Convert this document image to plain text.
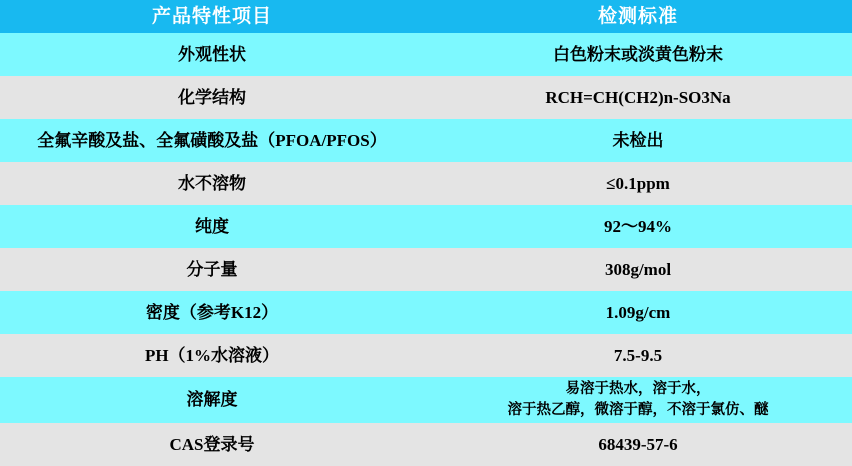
产品特性项目	检测标准
外观性状	白色粉末或淡黄色粉末
化学结构	RCH=CH(CH2)n-SO3Na
全氟辛酸及盐、全氟磺酸及盐（PFOA/PFOS）	未检出
水不溶物	≤0.1ppm
纯度	92～94%
分子量	308g/mol
密度（参考K12）	1.09g/cm
PH（1%水溶液）	7.5-9.5
溶解度	易溶于热水，溶于水，
溶于热乙醇，微溶于醇，不溶于氯仿、醚

CAS登录号	68439-57-6
